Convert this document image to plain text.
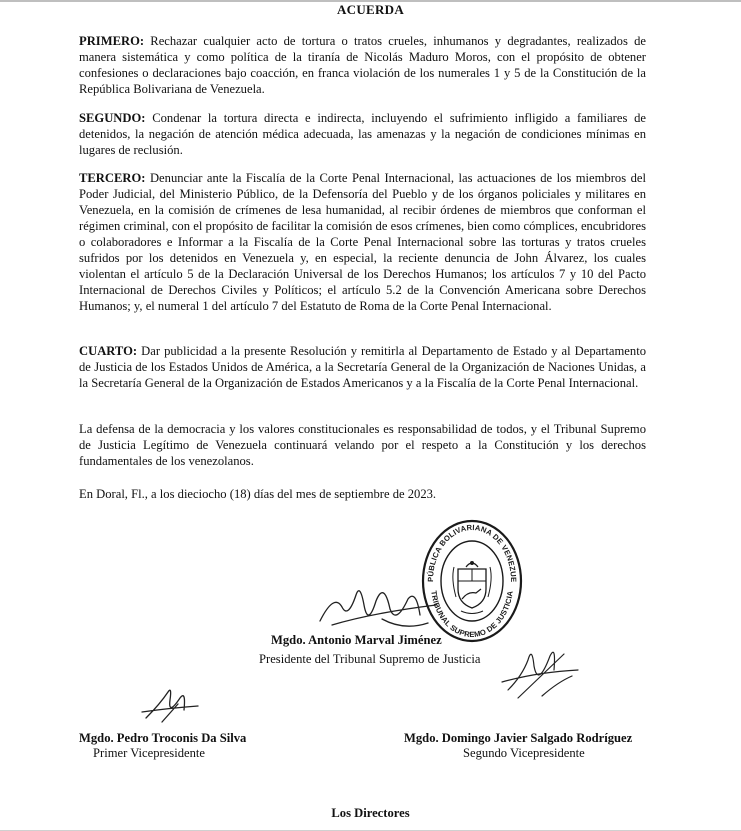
ACUERDA

PRIMERO: Rechazar cualquier acto de tortura o tratos crueles, inhumanos y degradantes, realizados de manera sistemática y como política de la tiranía de Nicolás Maduro Moros, con el propósito de obtener confesiones o declaraciones bajo coacción, en franca violación de los numerales 1 y 5 de la Constitución de la República Bolivariana de Venezuela.

SEGUNDO: Condenar la tortura directa e indirecta, incluyendo el sufrimiento infligido a familiares de detenidos, la negación de atención médica adecuada, las amenazas y la negación de condiciones mínimas en lugares de reclusión.

TERCERO: Denunciar ante la Fiscalía de la Corte Penal Internacional, las actuaciones de los miembros del Poder Judicial, del Ministerio Público, de la Defensoría del Pueblo y de los órganos policiales y militares en Venezuela, en la comisión de crímenes de lesa humanidad, al recibir órdenes de miembros que conforman el régimen criminal, con el propósito de facilitar la comisión de esos crímenes, bien como cómplices, encubridores o colaboradores e Informar a la Fiscalía de la Corte Penal Internacional sobre las torturas y tratos crueles sufridos por los detenidos en Venezuela y, en especial, la reciente denuncia de John Álvarez, los cuales violentan el artículo 5 de la Declaración Universal de los Derechos Humanos; los artículos 7 y 10 del Pacto Internacional de Derechos Civiles y Políticos; el artículo 5.2 de la Convención Americana sobre Derechos Humanos; y, el numeral 1 del artículo 7 del Estatuto de Roma de la Corte Penal Internacional.

CUARTO: Dar publicidad a la presente Resolución y remitirla al Departamento de Estado y al Departamento de Justicia de los Estados Unidos de América, a la Secretaría General de la Organización de Naciones Unidas, a la Secretaría General de la Organización de Estados Americanos y a la Fiscalía de la Corte Penal Internacional.

La defensa de la democracia y los valores constitucionales es responsabilidad de todos, y el Tribunal Supremo de Justicia Legítimo de Venezuela continuará velando por el respeto a la Constitución y los derechos fundamentales de los venezolanos.

En Doral, Fl., a los dieciocho (18) días del mes de septiembre de 2023.

REPÚBLICA BOLIVARIANA DE VENEZUELA
TRIBUNAL SUPREMO DE JUSTICIA
Mgdo. Antonio Marval Jiménez
Presidente del Tribunal Supremo de Justicia
Mgdo. Pedro Troconis Da Silva
Primer Vicepresidente
Mgdo. Domingo Javier Salgado Rodríguez
Segundo Vicepresidente
Los Directores
